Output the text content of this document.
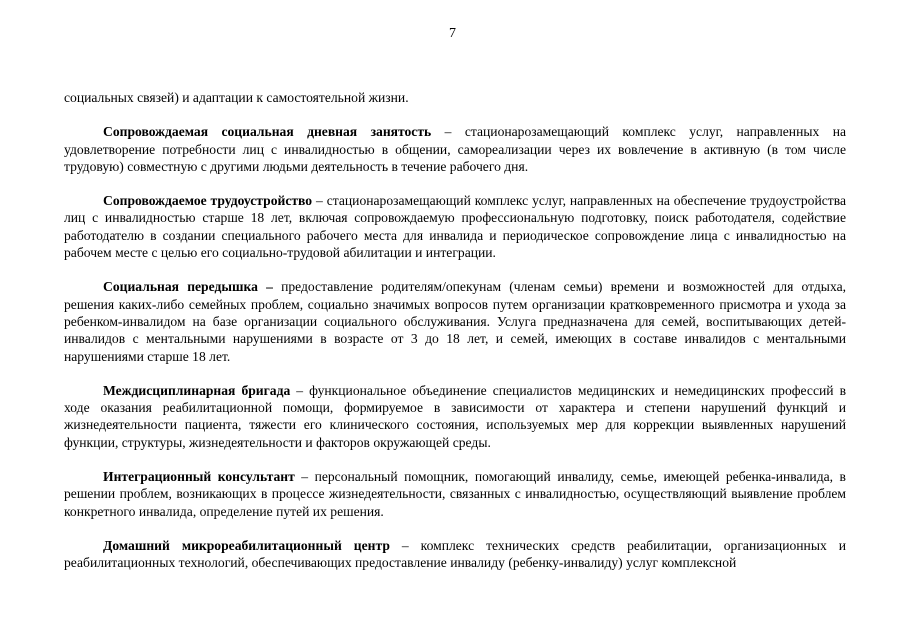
7

социальных связей) и адаптации к самостоятельной жизни.

Сопровождаемая социальная дневная занятость – стационарозамещающий комплекс услуг, направленных на удовлетворение потребности лиц с инвалидностью в общении, самореализации через их вовлечение в активную (в том числе трудовую) совместную с другими людьми деятельность в течение рабочего дня.

Сопровождаемое трудоустройство – стационарозамещающий комплекс услуг, направленных на обеспечение трудоустройства лиц с инвалидностью старше 18 лет, включая сопровождаемую профессиональную подготовку, поиск работодателя, содействие работодателю в создании специального рабочего места для инвалида и периодическое сопровождение лица с инвалидностью на рабочем месте с целью его социально-трудовой абилитации и интеграции.

Социальная передышка – предоставление родителям/опекунам (членам семьи) времени и возможностей для отдыха, решения каких-либо семейных проблем, социально значимых вопросов путем организации кратковременного присмотра и ухода за ребенком-инвалидом на базе организации социального обслуживания. Услуга предназначена для семей, воспитывающих детей-инвалидов с ментальными нарушениями в возрасте от 3 до 18 лет, и семей, имеющих в составе инвалидов с ментальными нарушениями старше 18 лет.

Междисциплинарная бригада – функциональное объединение специалистов медицинских и немедицинских профессий в ходе оказания реабилитационной помощи, формируемое в зависимости от характера и степени нарушений функций и жизнедеятельности пациента, тяжести его клинического состояния, используемых мер для коррекции выявленных нарушений функции, структуры, жизнедеятельности и факторов окружающей среды.

Интеграционный консультант – персональный помощник, помогающий инвалиду, семье, имеющей ребенка-инвалида, в решении проблем, возникающих в процессе жизнедеятельности, связанных с инвалидностью, осуществляющий выявление проблем конкретного инвалида, определение путей их решения.

Домашний микрореабилитационный центр – комплекс технических средств реабилитации, организационных и реабилитационных технологий, обеспечивающих предоставление инвалиду (ребенку-инвалиду) услуг комплексной
